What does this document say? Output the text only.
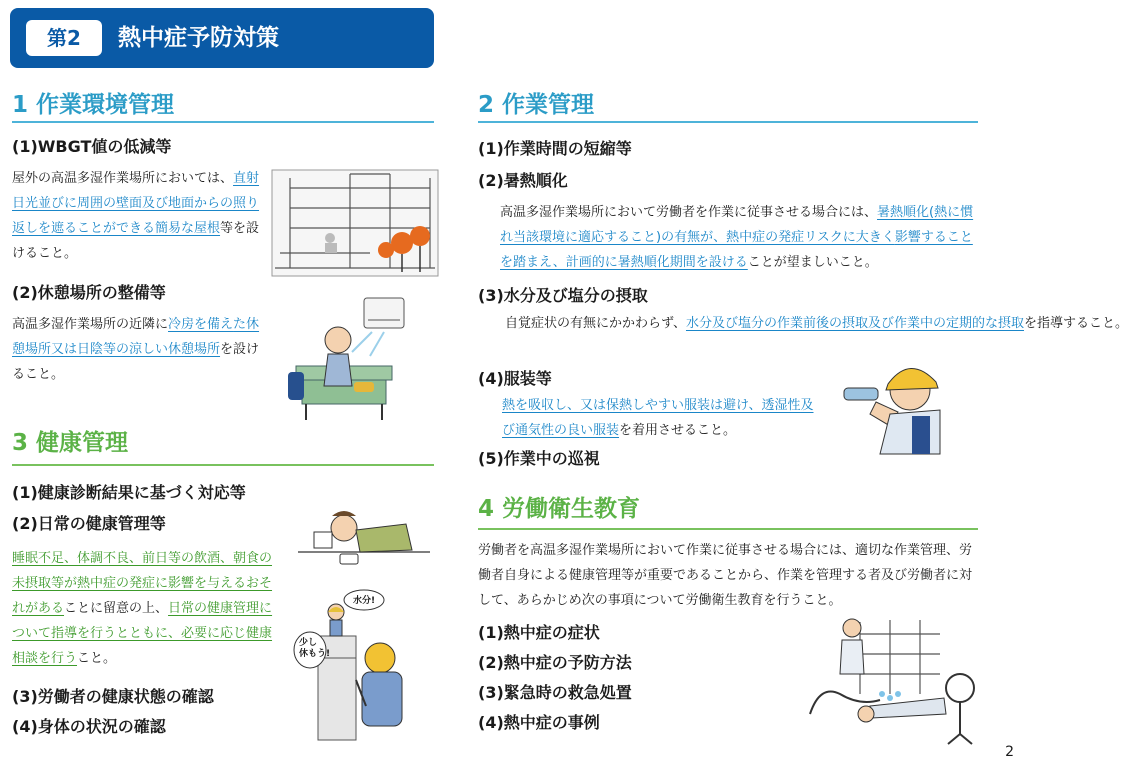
第2	熱中症予防対策
1 作業環境管理
(1)WBGT値の低減等

屋外の高温多湿作業場所においては、直射日光並びに周囲の壁面及び地面からの照り返しを遮ることができる簡易な屋根等を設けること。

(2)休憩場所の整備等

高温多湿作業場所の近隣に冷房を備えた休憩場所又は日陰等の涼しい休憩場所を設けること。

3 健康管理
(1)健康診断結果に基づく対応等
(2)日常の健康管理等

睡眠不足、体調不良、前日等の飲酒、朝食の未摂取等が熱中症の発症に影響を与えるおそれがあることに留意の上、日常の健康管理について指導を行うとともに、必要に応じ健康相談を行うこと。

水分!
少し
休もう!
(3)労働者の健康状態の確認
(4)身体の状況の確認
2 作業管理
(1)作業時間の短縮等
(2)暑熱順化

高温多湿作業場所において労働者を作業に従事させる場合には、暑熱順化(熱に慣れ当該環境に適応すること)の有無が、熱中症の発症リスクに大きく影響することを踏まえ、計画的に暑熱順化期間を設けることが望ましいこと。

(3)水分及び塩分の摂取

自覚症状の有無にかかわらず、水分及び塩分の作業前後の摂取及び作業中の定期的な摂取を指導すること。

(4)服装等

熱を吸収し、又は保熱しやすい服装は避け、透湿性及び通気性の良い服装を着用させること。

(5)作業中の巡視
4 労働衛生教育

労働者を高温多湿作業場所において作業に従事させる場合には、適切な作業管理、労働者自身による健康管理等が重要であることから、作業を管理する者及び労働者に対して、あらかじめ次の事項について労働衛生教育を行うこと。

(1)熱中症の症状
(2)熱中症の予防方法
(3)緊急時の救急処置
(4)熱中症の事例
2
